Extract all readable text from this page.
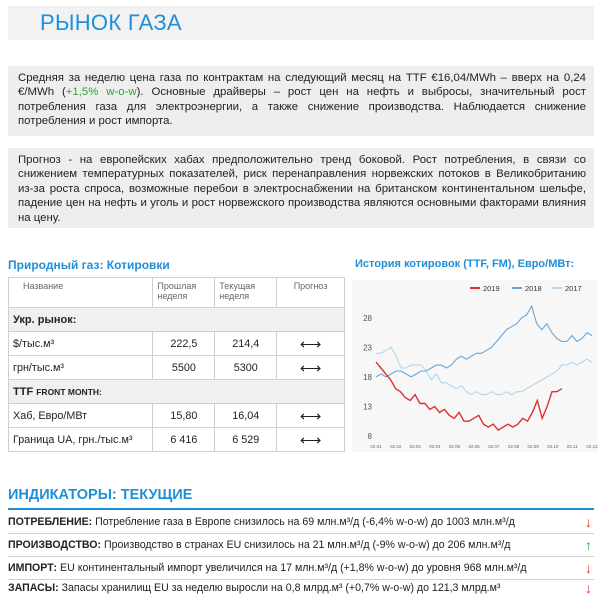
РЫНОК ГАЗА
Средняя за неделю цена газа по контрактам на следующий месяц на TTF €16,04/MWh – вверх на 0,24 €/MWh (+1,5% w-o-w). Основные драйверы – рост цен на нефть и выбросы, значительный рост потребления газа для электроэнергии, а также снижение производства. Наблюдается снижение потребления и рост импорта.
Прогноз - на европейских хабах предположительно тренд боковой. Рост потребления, в связи со снижением температурных показателей, риск перенаправления норвежских потоков в Великобританию из-за роста спроса, возможные перебои в электроснабжении на британском континентальном шельфе, падение цен на нефть и уголь и рост норвежского производства являются основными факторами влияния на цену.
Природный газ: Котировки
Название	Прошлая неделя	Текущая неделя	Прогноз
Укр. рынок:			
$/тыс.м³	222,5	214,4	⟷
грн/тыс.м³	5500	5300	⟷
TTF FRONT MONTH:			
Хаб, Евро/МВт	15,80	16,04	⟷
Граница UA, грн./тыс.м³	6 416	6 529	⟷
История котировок (TTF, FM), Евро/МВт:
8
13
18
23
28
02.01 02.02 02.03 02.04 02.05 02.06 02.07 02.08 02.09 02.10 02.11 02.12
2019	2018	2017
ИНДИКАТОРЫ: ТЕКУЩИЕ
ПОТРЕБЛЕНИЕ: Потребление газа в Европе снизилось на 69 млн.м³/д (-6,4% w-o-w) до 1003 млн.м³/д	↓
ПРОИЗВОДСТВО: Производство в странах EU снизилось на 21 млн.м³/д (-9% w-o-w) до 206 млн.м³/д	↑
ИМПОРТ: EU континентальный импорт увеличился на 17 млн.м³/д (+1,8% w-o-w) до уровня 968 млн.м³/д	↓
ЗАПАСЫ: Запасы хранилищ EU за неделю выросли на 0,8 млрд.м³ (+0,7% w-o-w) до 121,3 млрд.м³	↓
